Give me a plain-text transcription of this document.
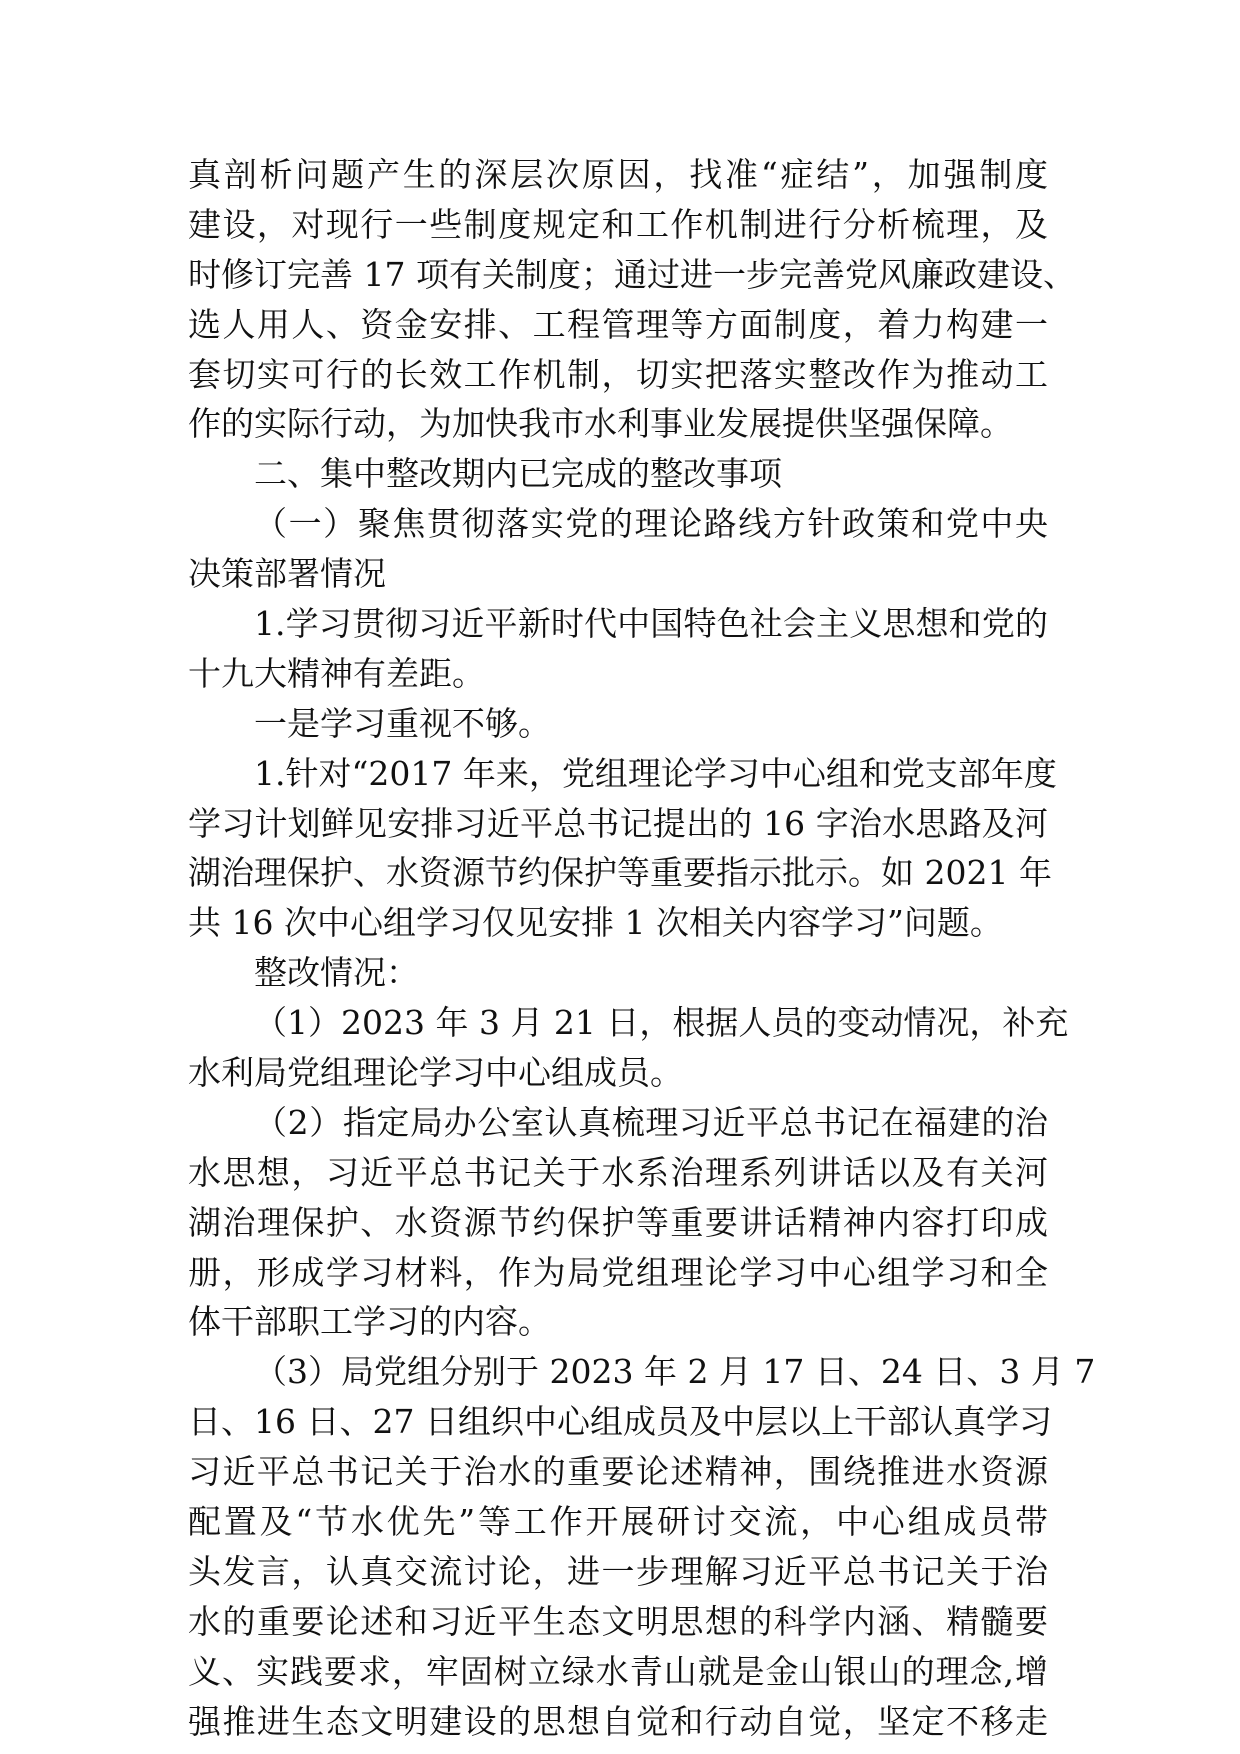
真剖析问题产生的深层次原因，找准“症结”，加强制度
建设，对现行一些制度规定和工作机制进行分析梳理，及
时修订完善 17 项有关制度；通过进一步完善党风廉政建设、
选人用人、资金安排、工程管理等方面制度，着力构建一
套切实可行的长效工作机制，切实把落实整改作为推动工
作的实际行动，为加快我市水利事业发展提供坚强保障。
二、集中整改期内已完成的整改事项
（一）聚焦贯彻落实党的理论路线方针政策和党中央
决策部署情况
1.学习贯彻习近平新时代中国特色社会主义思想和党的
十九大精神有差距。
一是学习重视不够。
1.针对“2017 年来，党组理论学习中心组和党支部年度
学习计划鲜见安排习近平总书记提出的 16 字治水思路及河
湖治理保护、水资源节约保护等重要指示批示。如 2021 年
共 16 次中心组学习仅见安排 1 次相关内容学习”问题。
整改情况：
（1）2023 年 3 月 21 日，根据人员的变动情况，补充
水利局党组理论学习中心组成员。
（2）指定局办公室认真梳理习近平总书记在福建的治
水思想，习近平总书记关于水系治理系列讲话以及有关河
湖治理保护、水资源节约保护等重要讲话精神内容打印成
册，形成学习材料，作为局党组理论学习中心组学习和全
体干部职工学习的内容。
（3）局党组分别于 2023 年 2 月 17 日、24 日、3 月 7
日、16 日、27 日组织中心组成员及中层以上干部认真学习
习近平总书记关于治水的重要论述精神，围绕推进水资源
配置及“节水优先”等工作开展研讨交流，中心组成员带
头发言，认真交流讨论，进一步理解习近平总书记关于治
水的重要论述和习近平生态文明思想的科学内涵、精髓要
义、实践要求，牢固树立绿水青山就是金山银山的理念,增
强推进生态文明建设的思想自觉和行动自觉，坚定不移走
